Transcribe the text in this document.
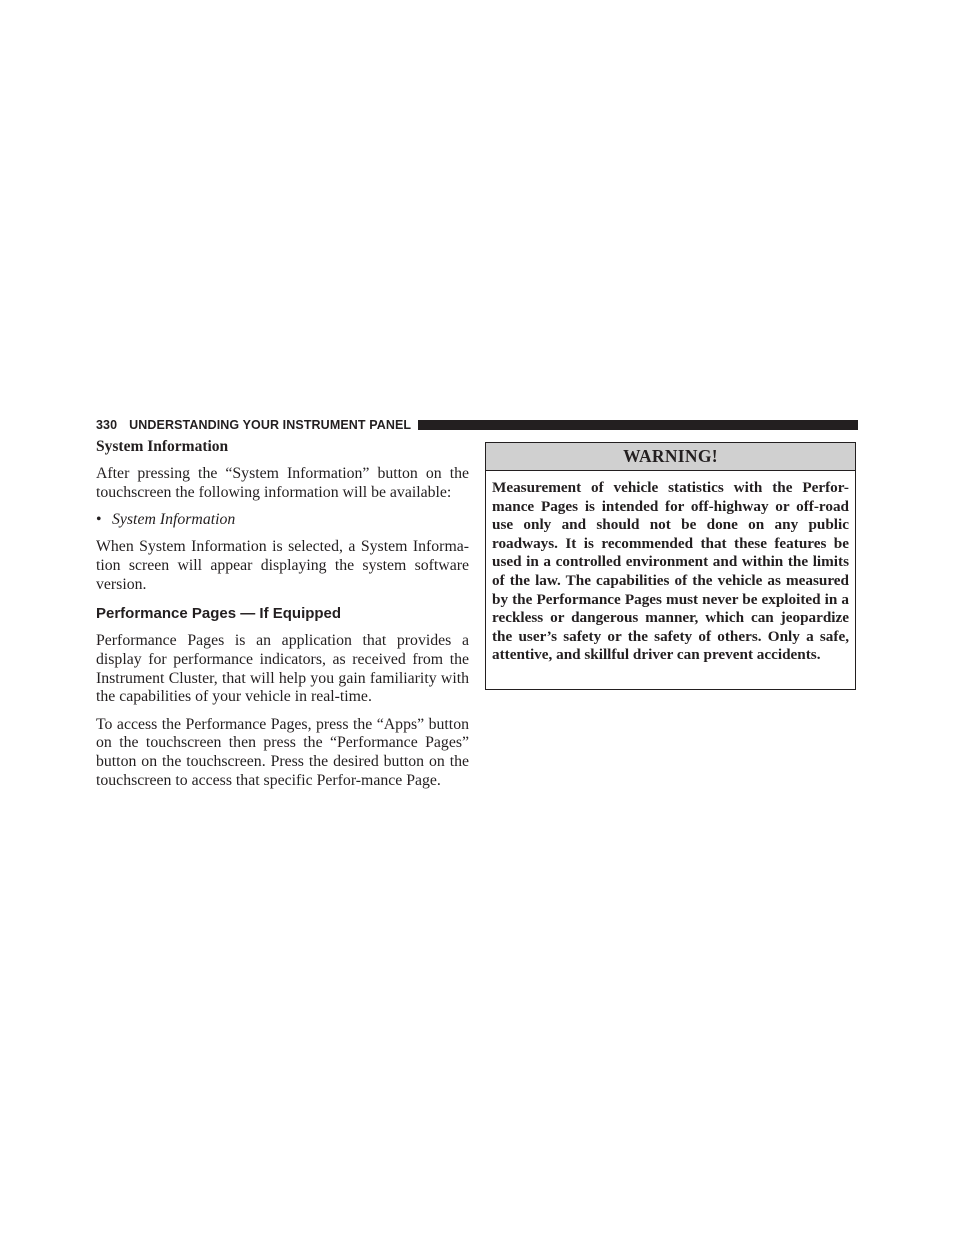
330 UNDERSTANDING YOUR INSTRUMENT PANEL
System Information

After pressing the “System Information” button on the touchscreen the following information will be available:

• System Information

When System Information is selected, a System Informa-tion screen will appear displaying the system software version.

Performance Pages — If Equipped

Performance Pages is an application that provides a display for performance indicators, as received from the Instrument Cluster, that will help you gain familiarity with the capabilities of your vehicle in real-time.

To access the Performance Pages, press the “Apps” button on the touchscreen then press the “Performance Pages” button on the touchscreen. Press the desired button on the touchscreen to access that specific Perfor-mance Page.

WARNING!
Measurement of vehicle statistics with the Perfor-mance Pages is intended for off-highway or off-road use only and should not be done on any public roadways. It is recommended that these features be used in a controlled environment and within the limits of the law. The capabilities of the vehicle as measured by the Performance Pages must never be exploited in a reckless or dangerous manner, which can jeopardize the user’s safety or the safety of others. Only a safe, attentive, and skillful driver can prevent accidents.
